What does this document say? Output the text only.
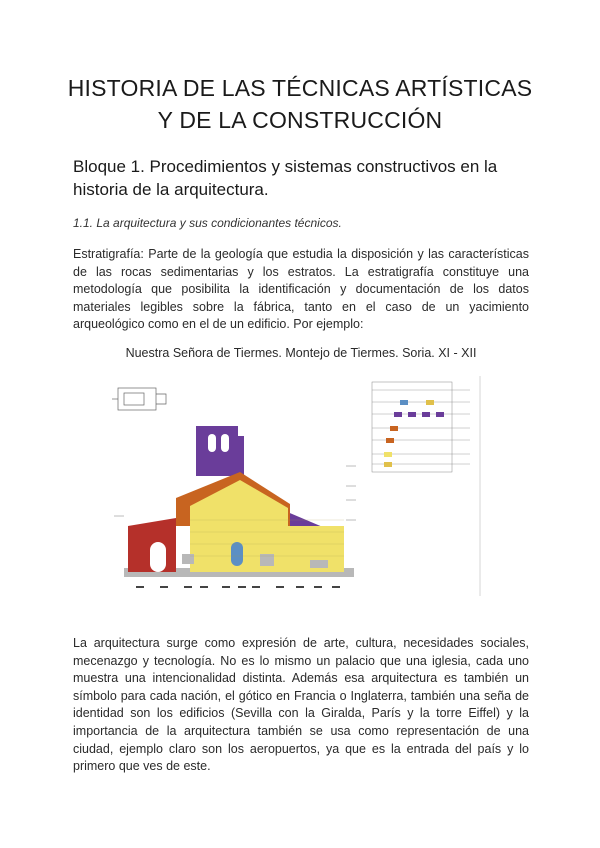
HISTORIA DE LAS TÉCNICAS ARTÍSTICAS
Y DE LA CONSTRUCCIÓN
Bloque 1. Procedimientos y sistemas constructivos en la historia de la arquitectura.
1.1. La arquitectura y sus condicionantes técnicos.
Estratigrafía: Parte de la geología que estudia la disposición y las características de las rocas sedimentarias y los estratos. La estratigrafía constituye una metodología que posibilita la identificación y documentación de los datos materiales legibles sobre la fábrica, tanto en el caso de un yacimiento arqueológico como en el de un edificio. Por ejemplo:
Nuestra Señora de Tiermes. Montejo de Tiermes. Soria. XI - XII
La arquitectura surge como expresión de arte, cultura, necesidades sociales, mecenazgo y tecnología. No es lo mismo un palacio que una iglesia, cada uno muestra una intencionalidad distinta. Además esa arquitectura es también un símbolo para cada nación, el gótico en Francia o Inglaterra, también una seña de identidad son los edificios (Sevilla con la Giralda, París y la torre Eiffel) y la importancia de la arquitectura también se usa como representación de una ciudad, ejemplo claro son los aeropuertos, ya que es la entrada del país y lo primero que ves de este.
